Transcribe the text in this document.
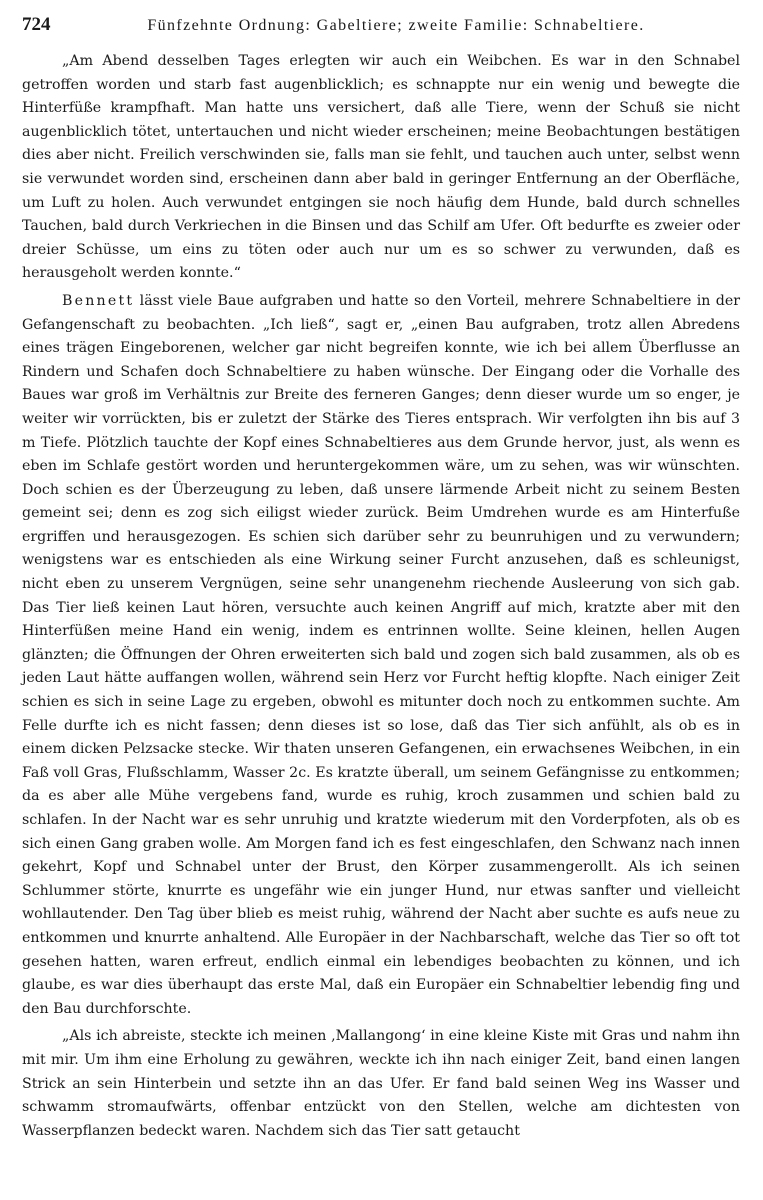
724	Fünfzehnte Ordnung: Gabeltiere; zweite Familie: Schnabeltiere.

„Am Abend desselben Tages erlegten wir auch ein Weibchen. Es war in den Schnabel getroffen worden und starb fast augenblicklich; es schnappte nur ein wenig und bewegte die Hinterfüße krampfhaft. Man hatte uns versichert, daß alle Tiere, wenn der Schuß sie nicht augenblicklich tötet, untertauchen und nicht wieder erscheinen; meine Beobachtungen bestätigen dies aber nicht. Freilich verschwinden sie, falls man sie fehlt, und tauchen auch unter, selbst wenn sie verwundet worden sind, erscheinen dann aber bald in geringer Entfernung an der Oberfläche, um Luft zu holen. Auch verwundet entgingen sie noch häufig dem Hunde, bald durch schnelles Tauchen, bald durch Verkriechen in die Binsen und das Schilf am Ufer. Oft bedurfte es zweier oder dreier Schüsse, um eins zu töten oder auch nur um es so schwer zu verwunden, daß es herausgeholt werden konnte.“

Bennett lässt viele Baue aufgraben und hatte so den Vorteil, mehrere Schnabeltiere in der Gefangenschaft zu beobachten. „Ich ließ“, sagt er, „einen Bau aufgraben, trotz allen Abredens eines trägen Eingeborenen, welcher gar nicht begreifen konnte, wie ich bei allem Überflusse an Rindern und Schafen doch Schnabeltiere zu haben wünsche. Der Eingang oder die Vorhalle des Baues war groß im Verhältnis zur Breite des ferneren Ganges; denn dieser wurde um so enger, je weiter wir vorrückten, bis er zuletzt der Stärke des Tieres entsprach. Wir verfolgten ihn bis auf 3 m Tiefe. Plötzlich tauchte der Kopf eines Schnabeltieres aus dem Grunde hervor, just, als wenn es eben im Schlafe gestört worden und heruntergekommen wäre, um zu sehen, was wir wünschten. Doch schien es der Überzeugung zu leben, daß unsere lärmende Arbeit nicht zu seinem Besten gemeint sei; denn es zog sich eiligst wieder zurück. Beim Umdrehen wurde es am Hinterfuße ergriffen und herausgezogen. Es schien sich darüber sehr zu beunruhigen und zu verwundern; wenigstens war es entschieden als eine Wirkung seiner Furcht anzusehen, daß es schleunigst, nicht eben zu unserem Vergnügen, seine sehr unangenehm riechende Ausleerung von sich gab. Das Tier ließ keinen Laut hören, versuchte auch keinen Angriff auf mich, kratzte aber mit den Hinterfüßen meine Hand ein wenig, indem es entrinnen wollte. Seine kleinen, hellen Augen glänzten; die Öffnungen der Ohren erweiterten sich bald und zogen sich bald zusammen, als ob es jeden Laut hätte auffangen wollen, während sein Herz vor Furcht heftig klopfte. Nach einiger Zeit schien es sich in seine Lage zu ergeben, obwohl es mitunter doch noch zu entkommen suchte. Am Felle durfte ich es nicht fassen; denn dieses ist so lose, daß das Tier sich anfühlt, als ob es in einem dicken Pelzsacke stecke. Wir thaten unseren Gefangenen, ein erwachsenes Weibchen, in ein Faß voll Gras, Flußschlamm, Wasser 2c. Es kratzte überall, um seinem Gefängnisse zu entkommen; da es aber alle Mühe vergebens fand, wurde es ruhig, kroch zusammen und schien bald zu schlafen. In der Nacht war es sehr unruhig und kratzte wiederum mit den Vorderpfoten, als ob es sich einen Gang graben wolle. Am Morgen fand ich es fest eingeschlafen, den Schwanz nach innen gekehrt, Kopf und Schnabel unter der Brust, den Körper zusammengerollt. Als ich seinen Schlummer störte, knurrte es ungefähr wie ein junger Hund, nur etwas sanfter und vielleicht wohllautender. Den Tag über blieb es meist ruhig, während der Nacht aber suchte es aufs neue zu entkommen und knurrte anhaltend. Alle Europäer in der Nachbarschaft, welche das Tier so oft tot gesehen hatten, waren erfreut, endlich einmal ein lebendiges beobachten zu können, und ich glaube, es war dies überhaupt das erste Mal, daß ein Europäer ein Schnabeltier lebendig fing und den Bau durchforschte.

„Als ich abreiste, steckte ich meinen ‚Mallangong‘ in eine kleine Kiste mit Gras und nahm ihn mit mir. Um ihm eine Erholung zu gewähren, weckte ich ihn nach einiger Zeit, band einen langen Strick an sein Hinterbein und setzte ihn an das Ufer. Er fand bald seinen Weg ins Wasser und schwamm stromaufwärts, offenbar entzückt von den Stellen, welche am dichtesten von Wasserpflanzen bedeckt waren. Nachdem sich das Tier satt getaucht
